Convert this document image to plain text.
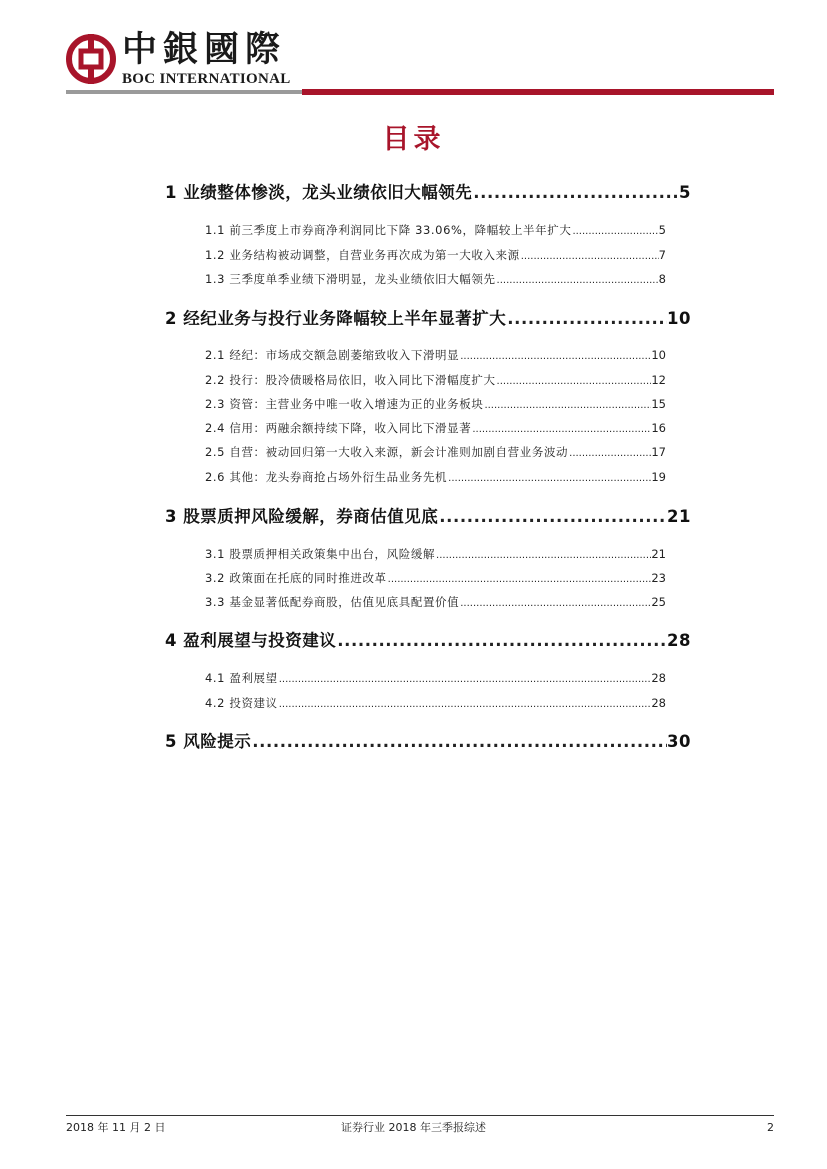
中銀國際
BOC INTERNATIONAL
目录
1 业绩整体惨淡，龙头业绩依旧大幅领先 .....	5
1.1 前三季度上市券商净利润同比下降 33.06%，降幅较上半年扩大 .....	5
1.2 业务结构被动调整，自营业务再次成为第一大收入来源 .....	7
1.3 三季度单季业绩下滑明显，龙头业绩依旧大幅领先 .....	8
2 经纪业务与投行业务降幅较上半年显著扩大 .....	10
2.1 经纪：市场成交额急剧萎缩致收入下滑明显 .....	10
2.2 投行：股冷债暖格局依旧，收入同比下滑幅度扩大 .....	12
2.3 资管：主营业务中唯一收入增速为正的业务板块 .....	15
2.4 信用：两融余额持续下降，收入同比下滑显著 .....	16
2.5 自营：被动回归第一大收入来源，新会计准则加剧自营业务波动 .....	17
2.6 其他：龙头券商抢占场外衍生品业务先机 .....	19
3 股票质押风险缓解，券商估值见底 .....	21
3.1 股票质押相关政策集中出台，风险缓解 .....	21
3.2 政策面在托底的同时推进改革 .....	23
3.3 基金显著低配券商股，估值见底具配置价值 .....	25
4 盈利展望与投资建议 .....	28
4.1 盈利展望 .....	28
4.2 投资建议 .....	28
5 风险提示 .....	30
2018 年 11 月 2 日	证券行业 2018 年三季报综述	2
